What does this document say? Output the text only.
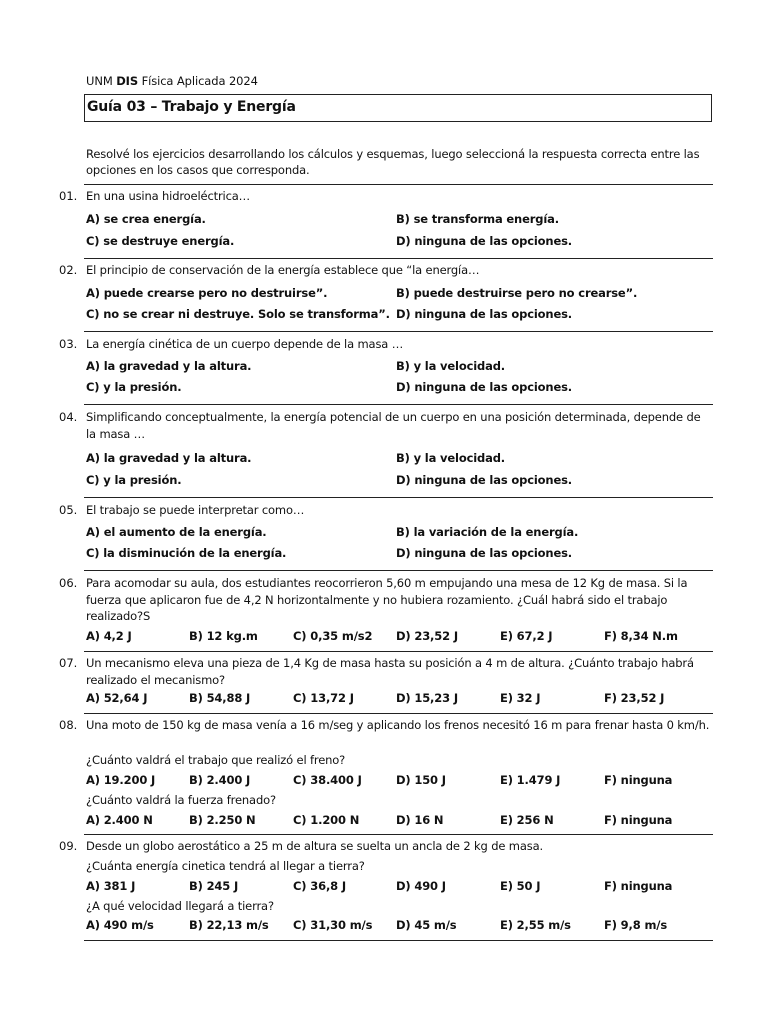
UNM DIS Física Aplicada 2024
Guía 03 – Trabajo y Energía
Resolvé los ejercicios desarrollando los cálculos y esquemas, luego seleccioná la respuesta correcta entre las opciones en los casos que corresponda.
01. En una usina hidroeléctrica…
A) se crea energía.	B) se transforma energía.
C) se destruye energía.	D) ninguna de las opciones.
02. El principio de conservación de la energía establece que “la energía…
A) puede crearse pero no destruirse”.	B) puede destruirse pero no crearse”.
C) no se crear ni destruye. Solo se transforma”. D) ninguna de las opciones.
03. La energía cinética de un cuerpo depende de la masa …
A) la gravedad y la altura.	B) y la velocidad.
C) y la presión.	D) ninguna de las opciones.
04. Simplificando conceptualmente, la energía potencial de un cuerpo en una posición determinada, depende de la masa …
A) la gravedad y la altura.	B) y la velocidad.
C) y la presión.	D) ninguna de las opciones.
05. El trabajo se puede interpretar como…
A) el aumento de la energía.	B) la variación de la energía.
C) la disminución de la energía.	D) ninguna de las opciones.
06. Para acomodar su aula, dos estudiantes reocorrieron 5,60 m empujando una mesa de 12 Kg de masa. Si la fuerza que aplicaron fue de 4,2 N horizontalmente y no hubiera rozamiento. ¿Cuál habrá sido el trabajo realizado?S
A) 4,2 J	B) 12 kg.m	C) 0,35 m/s2 D) 23,52 J	E) 67,2 J	F) 8,34 N.m
07. Un mecanismo eleva una pieza de 1,4 Kg de masa hasta su posición a 4 m de altura. ¿Cuánto trabajo habrá realizado el mecanismo?
A) 52,64 J	B) 54,88 J	C) 13,72 J	D) 15,23 J	E) 32 J	F) 23,52 J
08. Una moto de 150 kg de masa venía a 16 m/seg y aplicando los frenos necesitó 16 m para frenar hasta 0 km/h.
¿Cuánto valdrá el trabajo que realizó el freno?
A) 19.200 J	B) 2.400 J	C) 38.400 J	D) 150 J	E) 1.479 J	F) ninguna
¿Cuánto valdrá la fuerza frenado?
A) 2.400 N	B) 2.250 N	C) 1.200 N	D) 16 N	E) 256 N	F) ninguna
09. Desde un globo aerostático a 25 m de altura se suelta un ancla de 2 kg de masa.
¿Cuánta energía cinetica tendrá al llegar a tierra?
A) 381 J	B) 245 J	C) 36,8 J	D) 490 J	E) 50 J	F) ninguna
¿A qué velocidad llegará a tierra?
A) 490 m/s	B) 22,13 m/s C) 31,30 m/s D) 45 m/s	E) 2,55 m/s	F) 9,8 m/s
